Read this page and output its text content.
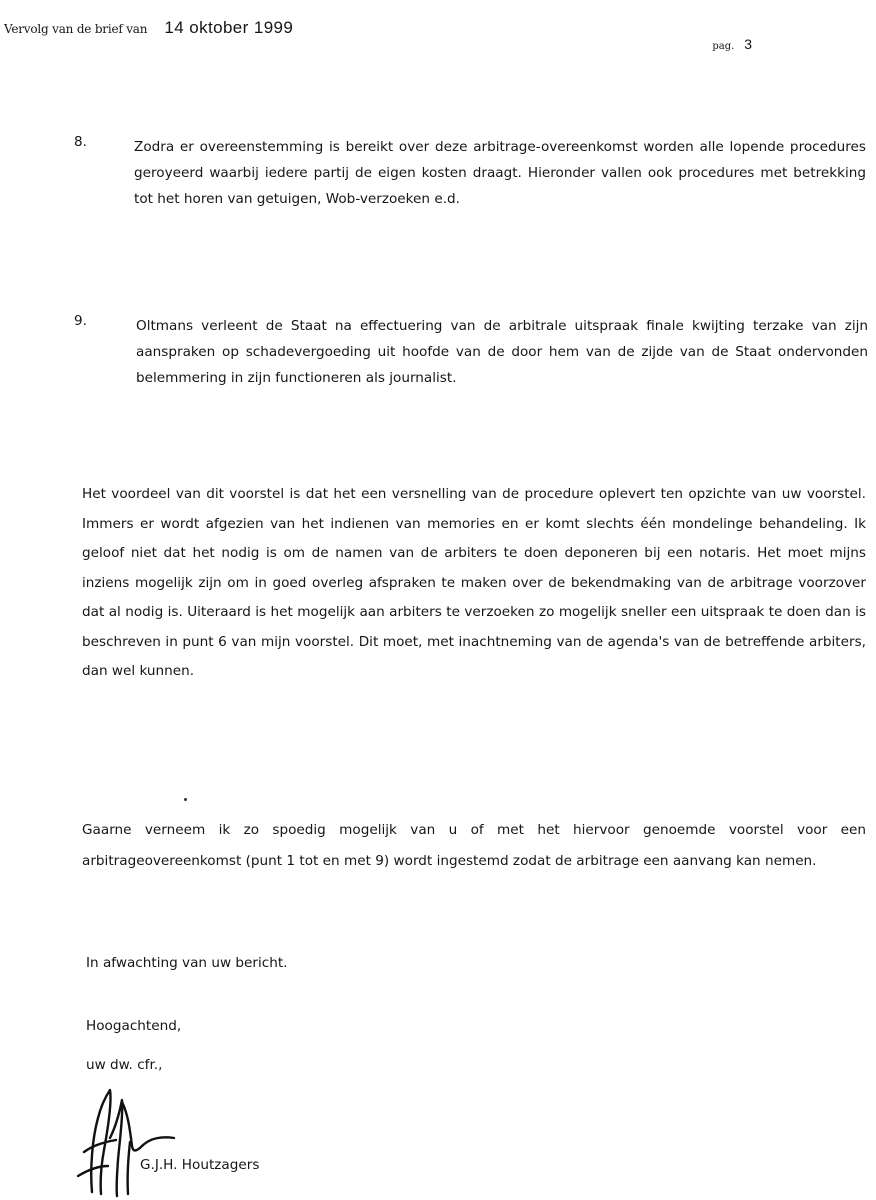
Vervolg van de brief van 14 oktober 1999
pag. 3
8.	Zodra er overeenstemming is bereikt over deze arbitrage-overeenkomst worden alle lopende procedures geroyeerd waarbij iedere partij de eigen kosten draagt. Hieronder vallen ook procedures met betrekking tot het horen van getuigen, Wob-verzoeken e.d.
9.	Oltmans verleent de Staat na effectuering van de arbitrale uitspraak finale kwijting terzake van zijn aanspraken op schadevergoeding uit hoofde van de door hem van de zijde van de Staat ondervonden belemmering in zijn functioneren als journalist.
Het voordeel van dit voorstel is dat het een versnelling van de procedure oplevert ten opzichte van uw voorstel. Immers er wordt afgezien van het indienen van memories en er komt slechts één mondelinge behandeling. Ik geloof niet dat het nodig is om de namen van de arbiters te doen deponeren bij een notaris. Het moet mijns inziens mogelijk zijn om in goed overleg afspraken te maken over de bekendmaking van de arbitrage voorzover dat al nodig is. Uiteraard is het mogelijk aan arbiters te verzoeken zo mogelijk sneller een uitspraak te doen dan is beschreven in punt 6 van mijn voorstel. Dit moet, met inachtneming van de agenda's van de betreffende arbiters, dan wel kunnen.
Gaarne verneem ik zo spoedig mogelijk van u of met het hiervoor genoemde voorstel voor een arbitrageovereenkomst (punt 1 tot en met 9) wordt ingestemd zodat de arbitrage een aanvang kan nemen.
In afwachting van uw bericht.
Hoogachtend,
uw dw. cfr.,
G.J.H. Houtzagers
